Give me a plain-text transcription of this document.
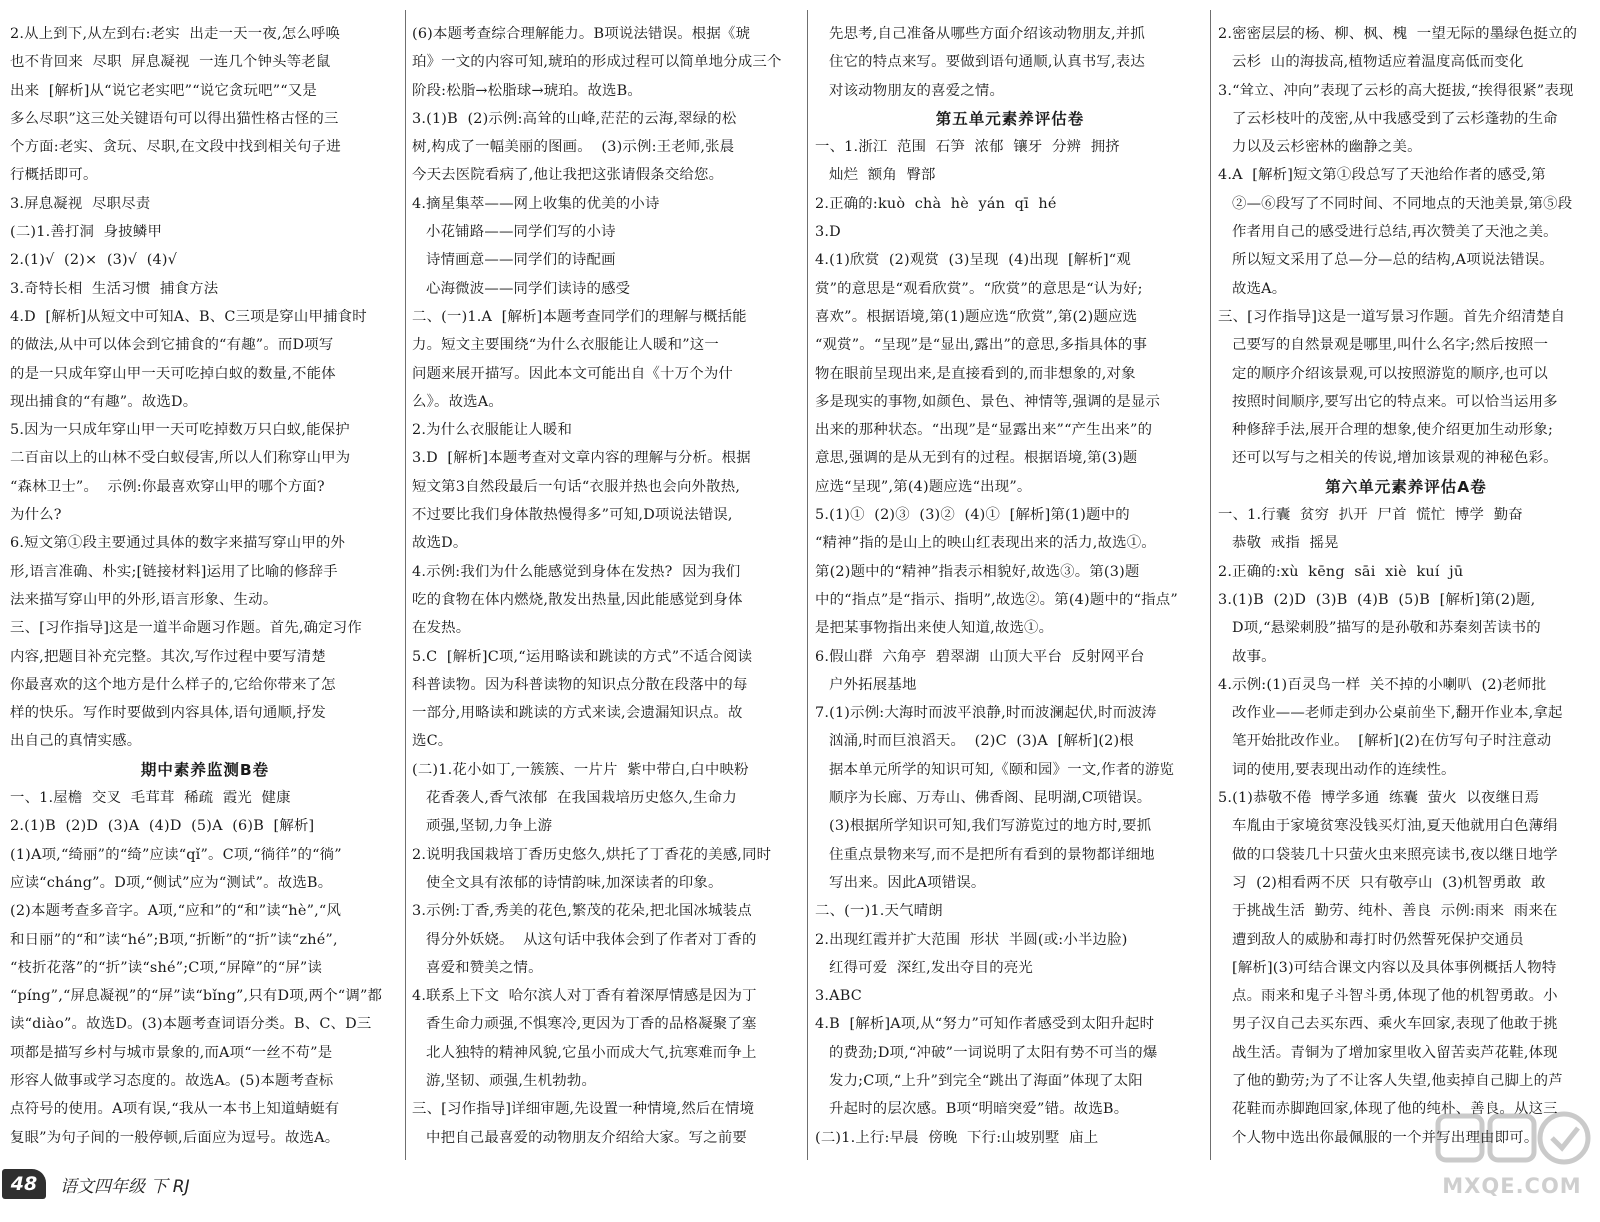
2.从上到下,从左到右:老实  出走一天一夜,怎么呼唤
也不肯回来  尽职  屏息凝视  一连几个钟头等老鼠
出来  [解析]从“说它老实吧”“说它贪玩吧”“又是
多么尽职”这三处关键语句可以得出猫性格古怪的三
个方面:老实、贪玩、尽职,在文段中找到相关句子进
行概括即可。
3.屏息凝视  尽职尽责
(二)1.善打洞  身披鳞甲
2.(1)√  (2)×  (3)√  (4)√
3.奇特长相  生活习惯  捕食方法
4.D  [解析]从短文中可知A、B、C三项是穿山甲捕食时
的做法,从中可以体会到它捕食的“有趣”。而D项写
的是一只成年穿山甲一天可吃掉白蚁的数量,不能体
现出捕食的“有趣”。故选D。
5.因为一只成年穿山甲一天可吃掉数万只白蚁,能保护
二百亩以上的山林不受白蚁侵害,所以人们称穿山甲为
“森林卫士”。  示例:你最喜欢穿山甲的哪个方面?
为什么?
6.短文第①段主要通过具体的数字来描写穿山甲的外
形,语言准确、朴实;[链接材料]运用了比喻的修辞手
法来描写穿山甲的外形,语言形象、生动。
三、[习作指导]这是一道半命题习作题。首先,确定习作
内容,把题目补充完整。其次,写作过程中要写清楚
你最喜欢的这个地方是什么样子的,它给你带来了怎
样的快乐。写作时要做到内容具体,语句通顺,抒发
出自己的真情实感。
期中素养监测B卷
一、1.屋檐  交叉  毛茸茸  稀疏  霞光  健康
2.(1)B  (2)D  (3)A  (4)D  (5)A  (6)B  [解析]
(1)A项,“绮丽”的“绮”应读“qǐ”。C项,“徜徉”的“徜”
应读“cháng”。D项,“侧试”应为“测试”。故选B。
(2)本题考查多音字。A项,“应和”的“和”读“hè”,“风
和日丽”的“和”读“hé”;B项,“折断”的“折”读“zhé”,
“枝折花落”的“折”读“shé”;C项,“屏障”的“屏”读
“píng”,“屏息凝视”的“屏”读“bǐng”,只有D项,两个“调”都
读“diào”。故选D。(3)本题考查词语分类。B、C、D三
项都是描写乡村与城市景象的,而A项“一丝不苟”是
形容人做事或学习态度的。故选A。(5)本题考查标
点符号的使用。A项有误,“我从一本书上知道蜻蜓有
复眼”为句子间的一般停顿,后面应为逗号。故选A。
(6)本题考查综合理解能力。B项说法错误。根据《琥
珀》一文的内容可知,琥珀的形成过程可以简单地分成三个
阶段:松脂→松脂球→琥珀。故选B。
3.(1)B  (2)示例:高耸的山峰,茫茫的云海,翠绿的松
树,构成了一幅美丽的图画。  (3)示例:王老师,张晨
今天去医院看病了,他让我把这张请假条交给您。
4.摘星集萃——网上收集的优美的小诗
小花铺路——同学们写的小诗
诗情画意——同学们的诗配画
心海微波——同学们读诗的感受
二、(一)1.A  [解析]本题考查同学们的理解与概括能
力。短文主要围绕“为什么衣服能让人暖和”这一
问题来展开描写。因此本文可能出自《十万个为什
么》。故选A。
2.为什么衣服能让人暖和
3.D  [解析]本题考查对文章内容的理解与分析。根据
短文第3自然段最后一句话“衣服并热也会向外散热,
不过要比我们身体散热慢得多”可知,D项说法错误,
故选D。
4.示例:我们为什么能感觉到身体在发热?  因为我们
吃的食物在体内燃烧,散发出热量,因此能感觉到身体
在发热。
5.C  [解析]C项,“运用略读和跳读的方式”不适合阅读
科普读物。因为科普读物的知识点分散在段落中的每
一部分,用略读和跳读的方式来读,会遗漏知识点。故
选C。
(二)1.花小如丁,一簇簇、一片片  紫中带白,白中映粉
花香袭人,香气浓郁  在我国栽培历史悠久,生命力
顽强,坚韧,力争上游
2.说明我国栽培丁香历史悠久,烘托了丁香花的美感,同时
使全文具有浓郁的诗情韵味,加深读者的印象。
3.示例:丁香,秀美的花色,繁茂的花朵,把北国冰城装点
得分外妖娆。  从这句话中我体会到了作者对丁香的
喜爱和赞美之情。
4.联系上下文  哈尔滨人对丁香有着深厚情感是因为丁
香生命力顽强,不惧寒冷,更因为丁香的品格凝聚了塞
北人独特的精神风貌,它虽小而成大气,抗寒难而争上
游,坚韧、顽强,生机勃勃。
三、[习作指导]详细审题,先设置一种情境,然后在情境
中把自己最喜爱的动物朋友介绍给大家。写之前要
先思考,自己准备从哪些方面介绍该动物朋友,并抓
住它的特点来写。要做到语句通顺,认真书写,表达
对该动物朋友的喜爱之情。
第五单元素养评估卷
一、1.浙江  范围  石笋  浓郁  镶牙  分辨  拥挤
灿烂  额角  臀部
2.正确的:kuò  chà  hè  yán  qī  hé
3.D
4.(1)欣赏  (2)观赏  (3)呈现  (4)出现  [解析]“观
赏”的意思是“观看欣赏”。“欣赏”的意思是“认为好;
喜欢”。根据语境,第(1)题应选“欣赏”,第(2)题应选
“观赏”。“呈现”是“显出,露出”的意思,多指具体的事
物在眼前呈现出来,是直接看到的,而非想象的,对象
多是现实的事物,如颜色、景色、神情等,强调的是显示
出来的那种状态。“出现”是“显露出来”“产生出来”的
意思,强调的是从无到有的过程。根据语境,第(3)题
应选“呈现”,第(4)题应选“出现”。
5.(1)①  (2)③  (3)②  (4)①  [解析]第(1)题中的
“精神”指的是山上的映山红表现出来的活力,故选①。
第(2)题中的“精神”指表示相貌好,故选③。第(3)题
中的“指点”是“指示、指明”,故选②。第(4)题中的“指点”
是把某事物指出来使人知道,故选①。
6.假山群  六角亭  碧翠湖  山顶大平台  反射网平台
户外拓展基地
7.(1)示例:大海时而波平浪静,时而波澜起伏,时而波涛
汹涌,时而巨浪滔天。  (2)C  (3)A  [解析](2)根
据本单元所学的知识可知,《颐和园》一文,作者的游览
顺序为长廊、万寿山、佛香阁、昆明湖,C项错误。
(3)根据所学知识可知,我们写游览过的地方时,要抓
住重点景物来写,而不是把所有看到的景物都详细地
写出来。因此A项错误。
二、(一)1.天气晴朗
2.出现红霞并扩大范围  形状  半圆(或:小半边脸)
红得可爱  深红,发出夺目的亮光
3.ABC
4.B  [解析]A项,从“努力”可知作者感受到太阳升起时
的费劲;D项,“冲破”一词说明了太阳有势不可当的爆
发力;C项,“上升”到完全“跳出了海面”体现了太阳
升起时的层次感。B项“明暗突爱”错。故选B。
(二)1.上行:早晨  傍晚  下行:山坡别墅  庙上
2.密密层层的杨、柳、枫、槐  一望无际的墨绿色挺立的
云杉  山的海拔高,植物适应着温度高低而变化
3.“耸立、冲向”表现了云杉的高大挺拔,“挨得很紧”表现
了云杉枝叶的茂密,从中我感受到了云杉蓬勃的生命
力以及云杉密林的幽静之美。
4.A  [解析]短文第①段总写了天池给作者的感受,第
②—⑥段写了不同时间、不同地点的天池美景,第⑤段
作者用自己的感受进行总结,再次赞美了天池之美。
所以短文采用了总—分—总的结构,A项说法错误。
故选A。
三、[习作指导]这是一道写景习作题。首先介绍清楚自
己要写的自然景观是哪里,叫什么名字;然后按照一
定的顺序介绍该景观,可以按照游览的顺序,也可以
按照时间顺序,要写出它的特点来。可以恰当运用多
种修辞手法,展开合理的想象,使介绍更加生动形象;
还可以写与之相关的传说,增加该景观的神秘色彩。
第六单元素养评估A卷
一、1.行囊  贫穷  扒开  尸首  慌忙  博学  勤奋
恭敬  戒指  摇晃
2.正确的:xù  kēng  sāi  xiè  kuí  jū
3.(1)B  (2)D  (3)B  (4)B  (5)B  [解析]第(2)题,
D项,“悬梁刺股”描写的是孙敬和苏秦刻苦读书的
故事。
4.示例:(1)百灵鸟一样  关不掉的小喇叭  (2)老师批
改作业——老师走到办公桌前坐下,翻开作业本,拿起
笔开始批改作业。  [解析](2)在仿写句子时注意动
词的使用,要表现出动作的连续性。
5.(1)恭敬不倦  博学多通  练囊  萤火  以夜继日焉
车胤由于家境贫寒没钱买灯油,夏天他就用白色薄绢
做的口袋装几十只萤火虫来照亮读书,夜以继日地学
习  (2)相看两不厌  只有敬亭山  (3)机智勇敢  敢
于挑战生活  勤劳、纯朴、善良  示例:雨来  雨来在
遭到敌人的威胁和毒打时仍然誓死保护交通员
[解析](3)可结合课文内容以及具体事例概括人物特
点。雨来和鬼子斗智斗勇,体现了他的机智勇敢。小
男子汉自己去买东西、乘火车回家,表现了他敢于挑
战生活。青铜为了增加家里收入留苦卖芦花鞋,体现
了他的勤劳;为了不让客人失望,他卖掉自己脚上的芦
花鞋而赤脚跑回家,体现了他的纯朴、善良。从这三
个人物中选出你最佩服的一个并写出理由即可。
48	语文四年级 下 RJ	MXQE.COM
